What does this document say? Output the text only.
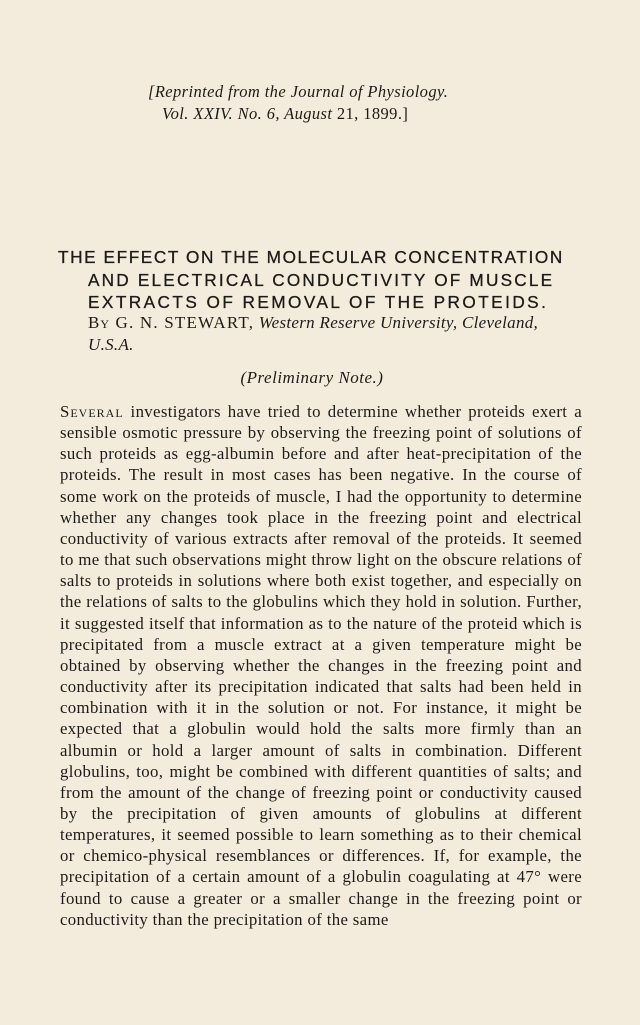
[Reprinted from the Journal of Physiology.
Vol. XXIV. No. 6, August 21, 1899.]
THE EFFECT ON THE MOLECULAR CONCENTRATION
AND ELECTRICAL CONDUCTIVITY OF MUSCLE
EXTRACTS OF REMOVAL OF THE PROTEIDS.
By G. N. STEWART, Western Reserve University, Cleveland, U.S.A.
(Preliminary Note.)
Several investigators have tried to determine whether proteids exert a sensible osmotic pressure by observing the freezing point of solutions of such proteids as egg-albumin before and after heat-precipitation of the proteids. The result in most cases has been negative. In the course of some work on the proteids of muscle, I had the opportunity to determine whether any changes took place in the freezing point and electrical conductivity of various extracts after removal of the proteids. It seemed to me that such observations might throw light on the obscure relations of salts to proteids in solutions where both exist together, and especially on the relations of salts to the globulins which they hold in solution. Further, it suggested itself that information as to the nature of the proteid which is precipitated from a muscle extract at a given temperature might be obtained by observing whether the changes in the freezing point and conductivity after its precipitation indicated that salts had been held in combination with it in the solution or not. For instance, it might be expected that a globulin would hold the salts more firmly than an albumin or hold a larger amount of salts in combination. Different globulins, too, might be combined with different quantities of salts; and from the amount of the change of freezing point or conductivity caused by the precipitation of given amounts of globulins at different temperatures, it seemed possible to learn something as to their chemical or chemico-physical resemblances or differences. If, for example, the precipitation of a certain amount of a globulin coagulating at 47° were found to cause a greater or a smaller change in the freezing point or conductivity than the precipitation of the same
